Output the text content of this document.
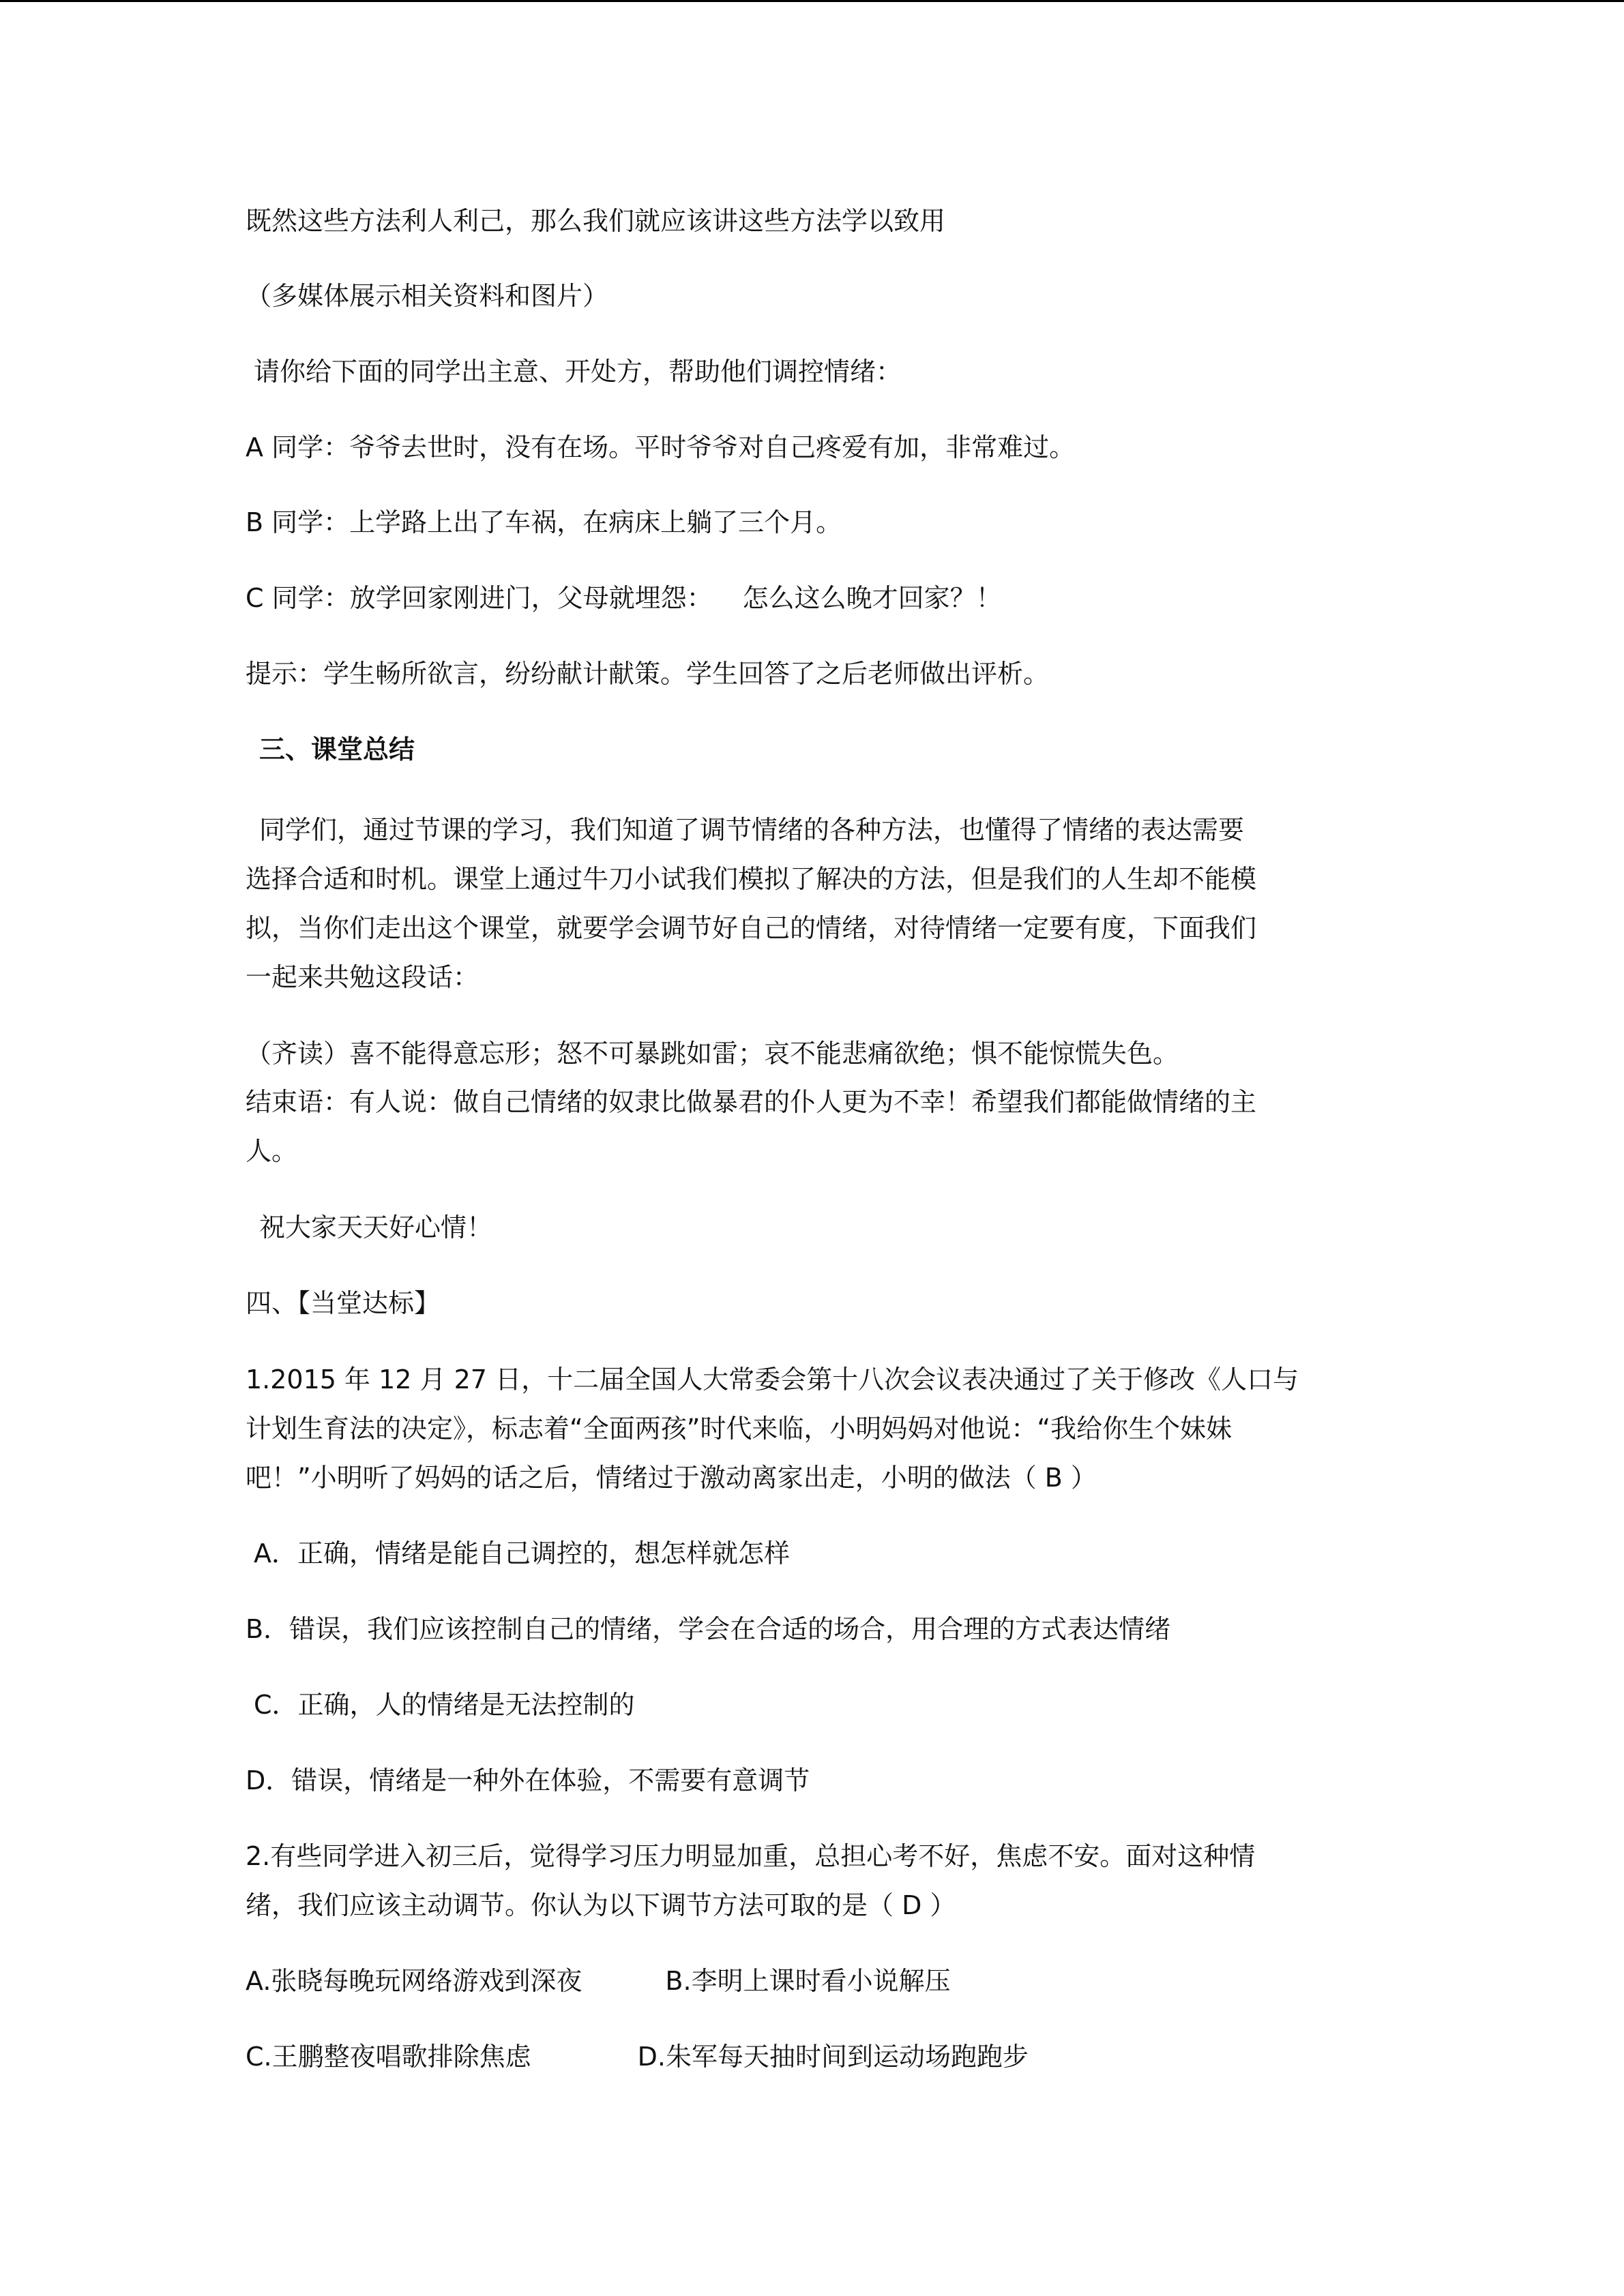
既然这些方法利人利己，那么我们就应该讲这些方法学以致用
（多媒体展示相关资料和图片）
请你给下面的同学出主意、开处方，帮助他们调控情绪：
A 同学：爷爷去世时，没有在场。平时爷爷对自己疼爱有加，非常难过。
B 同学：上学路上出了车祸，在病床上躺了三个月。
C 同学：放学回家刚进门，父母就埋怨： 怎么这么晚才回家？！
提示：学生畅所欲言，纷纷献计献策。学生回答了之后老师做出评析。
三、课堂总结
同学们，通过节课的学习，我们知道了调节情绪的各种方法，也懂得了情绪的表达需要
选择合适和时机。课堂上通过牛刀小试我们模拟了解决的方法，但是我们的人生却不能模
拟，当你们走出这个课堂，就要学会调节好自己的情绪，对待情绪一定要有度，下面我们
一起来共勉这段话：
（齐读）喜不能得意忘形；怒不可暴跳如雷；哀不能悲痛欲绝；惧不能惊慌失色。
结束语：有人说：做自己情绪的奴隶比做暴君的仆人更为不幸！希望我们都能做情绪的主
人。
祝大家天天好心情！
四、【当堂达标】
1.2015 年 12 月 27 日，十二届全国人大常委会第十八次会议表决通过了关于修改《人口与
计划生育法的决定》，标志着“全面两孩”时代来临，小明妈妈对他说：“我给你生个妹妹
吧！”小明听了妈妈的话之后，情绪过于激动离家出走，小明的做法（ B ）
A．正确，情绪是能自己调控的，想怎样就怎样
B．错误，我们应该控制自己的情绪，学会在合适的场合，用合理的方式表达情绪
C．正确，人的情绪是无法控制的
D．错误，情绪是一种外在体验，不需要有意调节
2.有些同学进入初三后，觉得学习压力明显加重，总担心考不好，焦虑不安。面对这种情
绪，我们应该主动调节。你认为以下调节方法可取的是（ D ）
A.张晓每晚玩网络游戏到深夜	B.李明上课时看小说解压
C.王鹏整夜唱歌排除焦虑	D.朱军每天抽时间到运动场跑跑步
